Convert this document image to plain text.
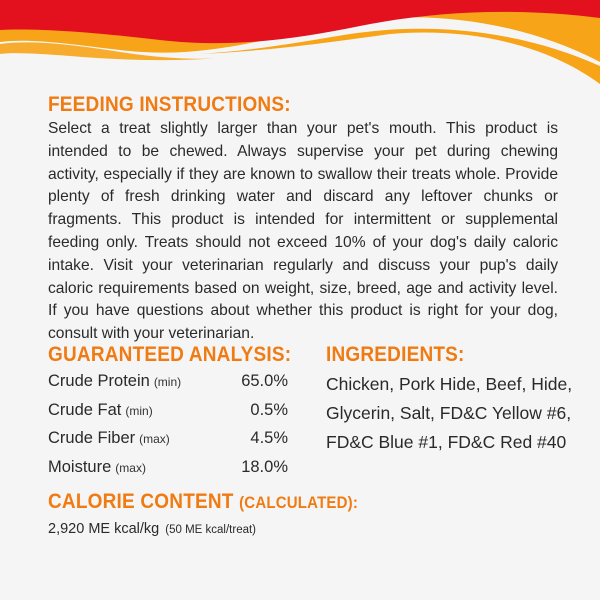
FEEDING INSTRUCTIONS:
Select a treat slightly larger than your pet's mouth. This product is intended to be chewed. Always supervise your pet during chewing activity, especially if they are known to swallow their treats whole. Provide plenty of fresh drinking water and discard any leftover chunks or fragments. This product is intended for intermittent or supplemental feeding only. Treats should not exceed 10% of your dog's daily caloric intake. Visit your veterinarian regularly and discuss your pup's daily caloric requirements based on weight, size, breed, age and activity level. If you have questions about whether this product is right for your dog, consult with your veterinarian.
GUARANTEED ANALYSIS:
Crude Protein (min)	65.0%
Crude Fat (min)	0.5%
Crude Fiber (max)	4.5%
Moisture (max)	18.0%
INGREDIENTS:
Chicken, Pork Hide, Beef, Hide, Glycerin, Salt, FD&C Yellow #6, FD&C Blue #1, FD&C Red #40
CALORIE CONTENT (CALCULATED):
2,920 ME kcal/kg (50 ME kcal/treat)
